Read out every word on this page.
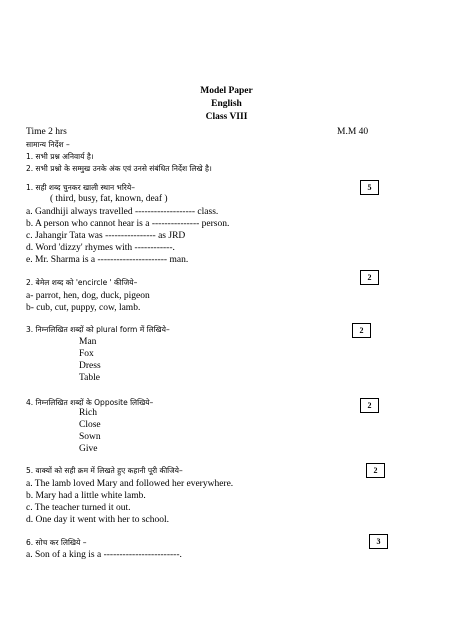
Model Paper
English
Class VIII
Time 2 hrs	M.M 40
सामान्य निर्देश –
1. सभी प्रश्न अनिवार्य है।
2. सभी प्रश्नो के सम्मुख उनके अंक एवं उनसे संबंधित निर्देश लिखे है।
1. सही शब्द चुनकर खाली स्थान भरिये–	5
( third, busy, fat, known, deaf )
a. Gandhiji always travelled ------------------- class.
b. A person who cannot hear is a --------------- person.
c. Jahangir Tata was ---------------- as JRD
d. Word 'dizzy' rhymes with ------------.
e. Mr. Sharma is a ---------------------- man.
2. बेमेल शब्द को 'encircle ' कीजिये–
2
a- parrot, hen, dog, duck, pigeon
b- cub, cut, puppy, cow, lamb.
3. निम्नलिखित शब्दों को plural form में लिखिये–	2
Man
Fox
Dress
Table
4. निम्नलिखित शब्दों के Opposite लिखिये–	2
Rich
Close
Sown
Give
5. वाक्यों को सही क्रम में लिखते हुए कहानी पूरी कीजिये–	2
a. The lamb loved Mary and followed her everywhere.
b. Mary had a little white lamb.
c. The teacher turned it out.
d. One day it went with her to school.
6. सोच कर लिखिये –	3
a. Son of a king is a ------------------------.
